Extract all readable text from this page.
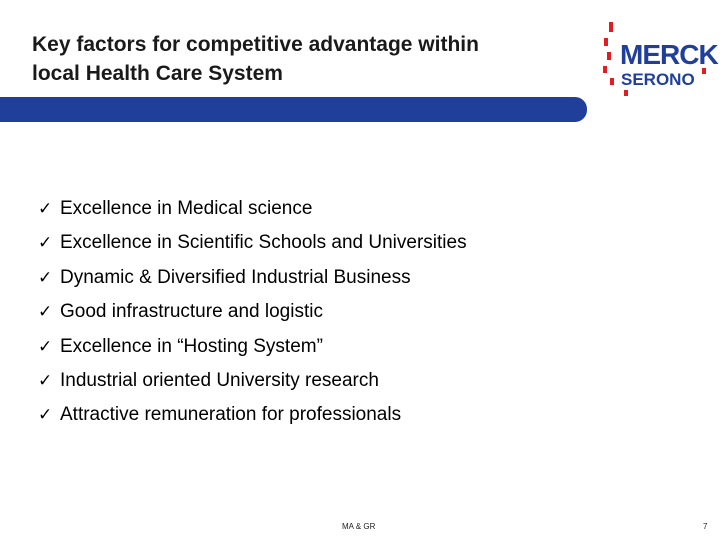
Key factors for competitive advantage within
local Health Care System
MERCK
SERONO
✓ Excellence in Medical science
✓ Excellence in Scientific Schools and Universities
✓ Dynamic & Diversified Industrial Business
✓ Good infrastructure and logistic
✓ Excellence in “Hosting System”
✓ Industrial oriented University research
✓ Attractive remuneration for professionals
MA & GR	7
